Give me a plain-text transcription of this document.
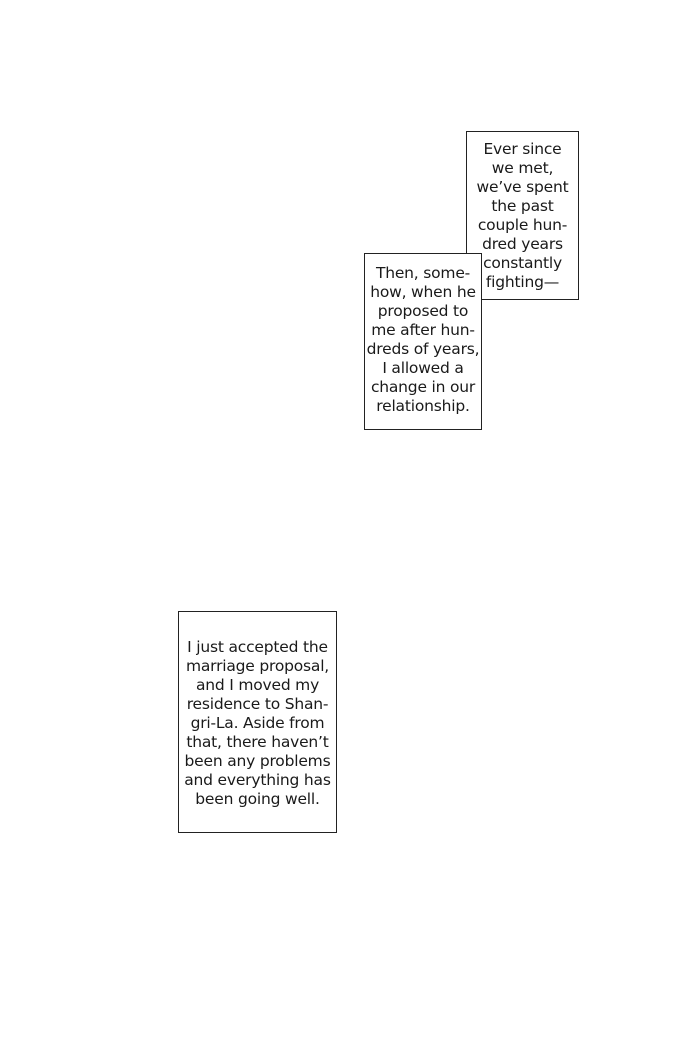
Ever since
we met,
we’ve spent
the past
couple hun-
dred years
constantly
fighting—
Then, some-
how, when he
proposed to
me after hun-
dreds of years,
I allowed a
change in our
relationship.
I just accepted the
marriage proposal,
and I moved my
residence to Shan-
gri-La. Aside from
that, there haven’t
been any problems
and everything has
been going well.
